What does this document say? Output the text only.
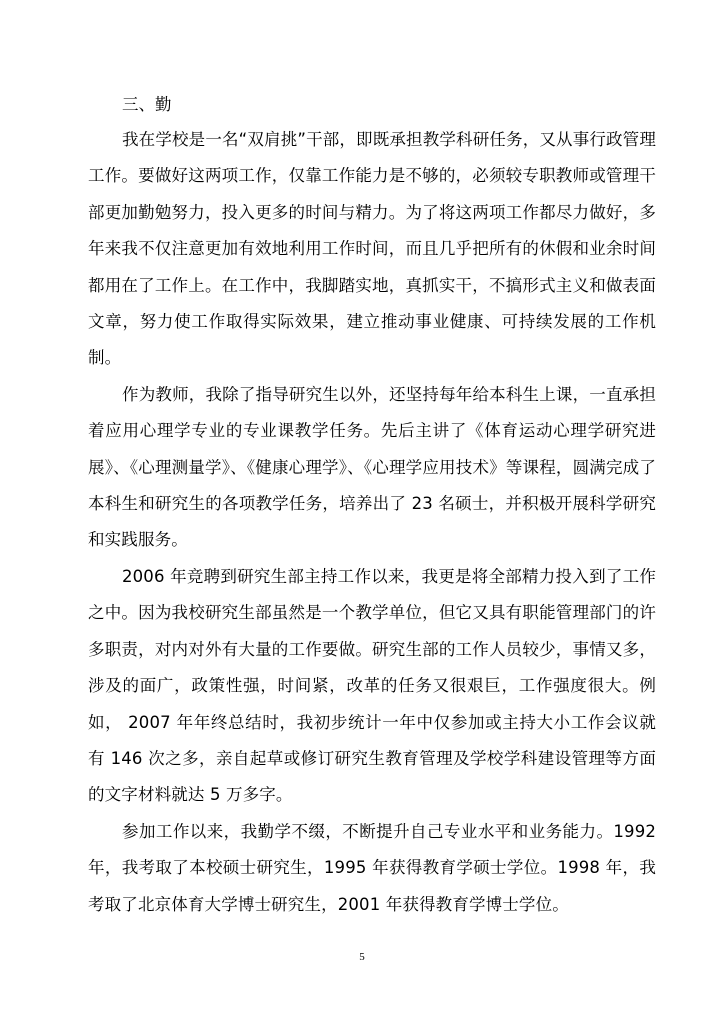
三、勤

我在学校是一名“双肩挑”干部，即既承担教学科研任务，又从事行政管理工作。要做好这两项工作，仅靠工作能力是不够的，必须较专职教师或管理干部更加勤勉努力，投入更多的时间与精力。为了将这两项工作都尽力做好，多年来我不仅注意更加有效地利用工作时间，而且几乎把所有的休假和业余时间都用在了工作上。在工作中，我脚踏实地，真抓实干，不搞形式主义和做表面文章，努力使工作取得实际效果，建立推动事业健康、可持续发展的工作机制。

作为教师，我除了指导研究生以外，还坚持每年给本科生上课，一直承担着应用心理学专业的专业课教学任务。先后主讲了《体育运动心理学研究进展》、《心理测量学》、《健康心理学》、《心理学应用技术》等课程，圆满完成了本科生和研究生的各项教学任务，培养出了 23 名硕士，并积极开展科学研究和实践服务。

2006 年竞聘到研究生部主持工作以来，我更是将全部精力投入到了工作之中。因为我校研究生部虽然是一个教学单位，但它又具有职能管理部门的许多职责，对内对外有大量的工作要做。研究生部的工作人员较少，事情又多，涉及的面广，政策性强，时间紧，改革的任务又很艰巨，工作强度很大。例如， 2007 年年终总结时，我初步统计一年中仅参加或主持大小工作会议就有 146 次之多，亲自起草或修订研究生教育管理及学校学科建设管理等方面的文字材料就达 5 万多字。

参加工作以来，我勤学不缀，不断提升自己专业水平和业务能力。1992 年，我考取了本校硕士研究生，1995 年获得教育学硕士学位。1998 年，我考取了北京体育大学博士研究生，2001 年获得教育学博士学位。

5
